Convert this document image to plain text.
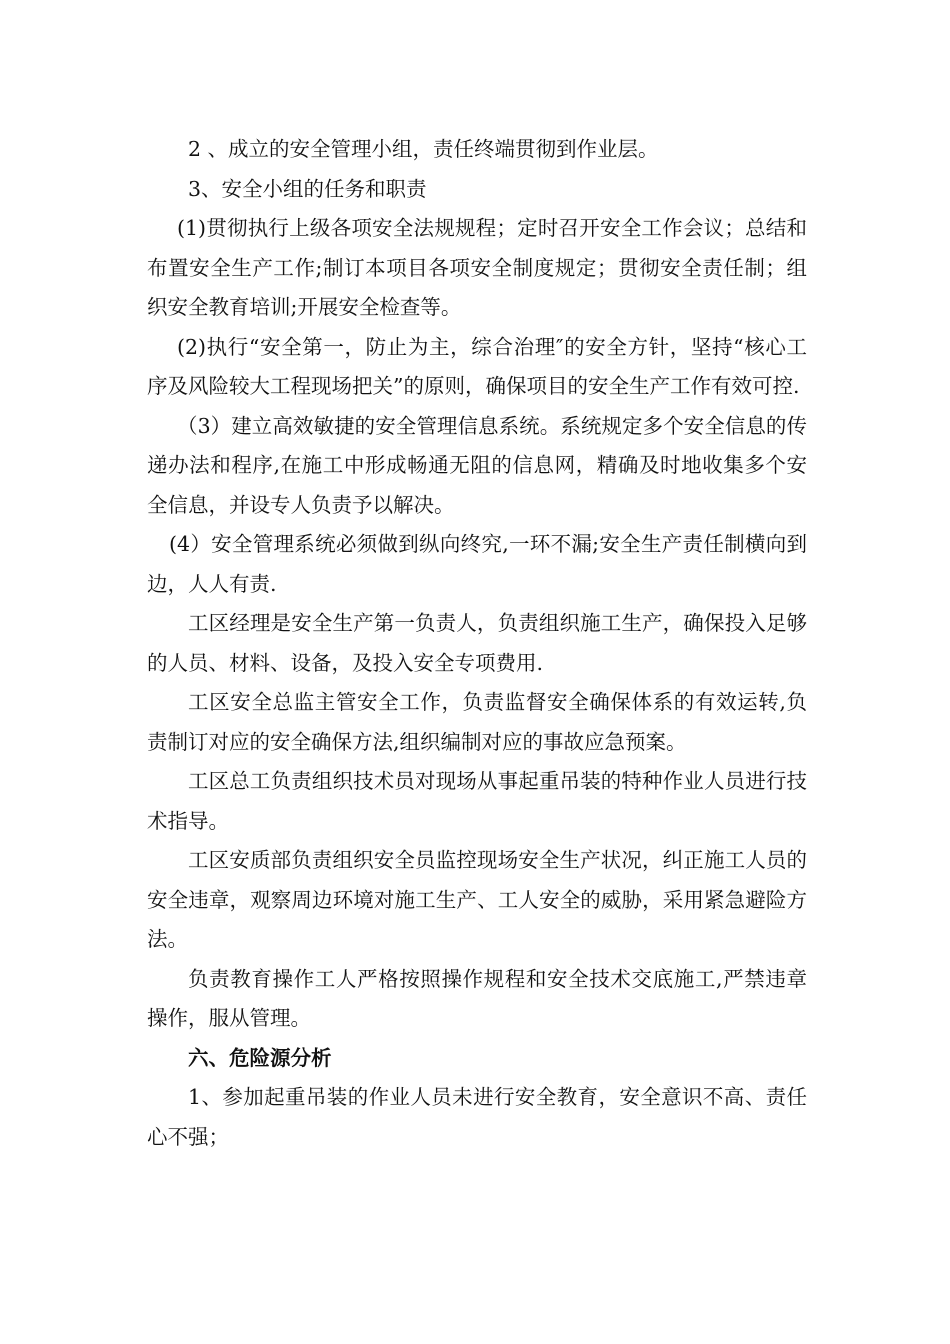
2 、成立的安全管理小组，责任终端贯彻到作业层。

3、安全小组的任务和职责

(1)贯彻执行上级各项安全法规规程；定时召开安全工作会议；总结和布置安全生产工作;制订本项目各项安全制度规定；贯彻安全责任制；组织安全教育培训;开展安全检查等。

(2)执行“安全第一，防止为主，综合治理″的安全方针，坚持“核心工序及风险较大工程现场把关”的原则，确保项目的安全生产工作有效可控.

（3）建立高效敏捷的安全管理信息系统。系统规定多个安全信息的传递办法和程序,在施工中形成畅通无阻的信息网，精确及时地收集多个安全信息，并设专人负责予以解决。

(4）安全管理系统必须做到纵向终究,一环不漏;安全生产责任制横向到边，人人有责.

工区经理是安全生产第一负责人，负责组织施工生产，确保投入足够的人员、材料、设备，及投入安全专项费用.

工区安全总监主管安全工作，负责监督安全确保体系的有效运转,负责制订对应的安全确保方法,组织编制对应的事故应急预案。

工区总工负责组织技术员对现场从事起重吊装的特种作业人员进行技术指导。

工区安质部负责组织安全员监控现场安全生产状况，纠正施工人员的安全违章，观察周边环境对施工生产、工人安全的威胁，采用紧急避险方法。

负责教育操作工人严格按照操作规程和安全技术交底施工,严禁违章操作，服从管理。

六、危险源分析

1、参加起重吊装的作业人员未进行安全教育，安全意识不高、责任心不强；
